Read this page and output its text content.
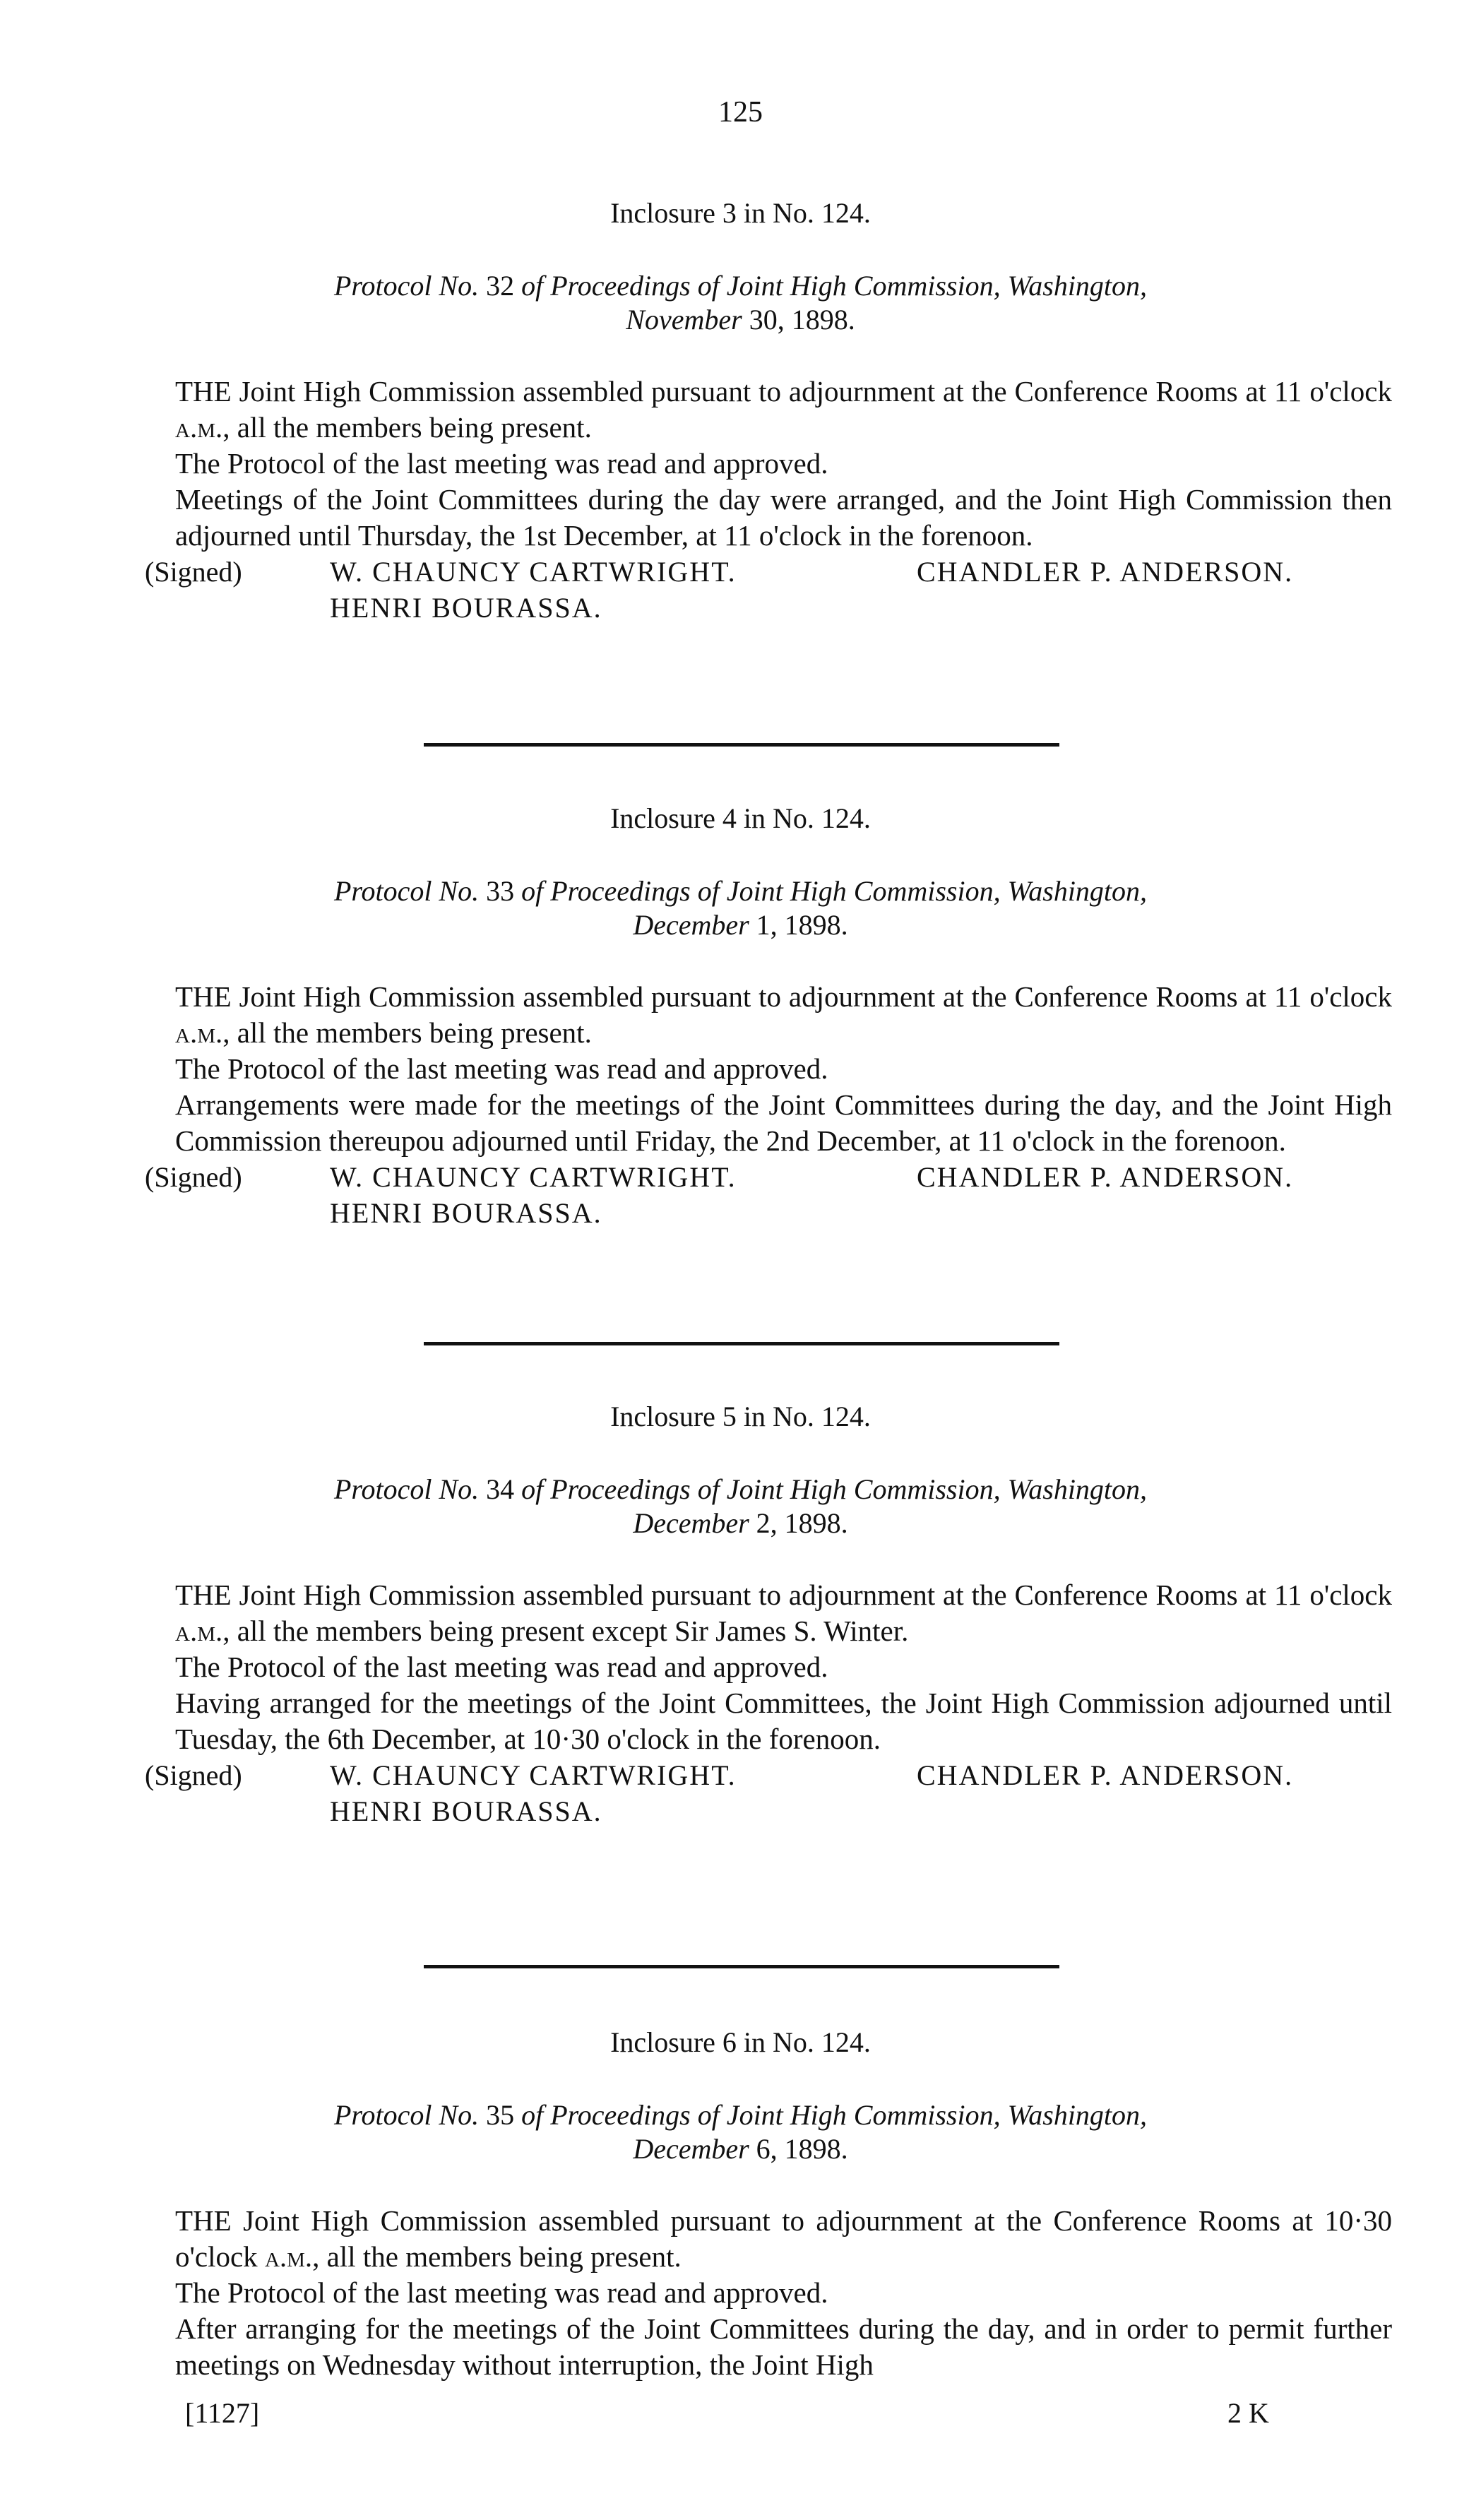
125

Inclosure 3 in No. 124.

Protocol No. 32 of Proceedings of Joint High Commission, Washington,
November 30, 1898.

THE Joint High Commission assembled pursuant to adjournment at the Conference Rooms at 11 o'clock a.m., all the members being present.

The Protocol of the last meeting was read and approved.

Meetings of the Joint Committees during the day were arranged, and the Joint High Commission then adjourned until Thursday, the 1st December, at 11 o'clock in the forenoon.

(Signed)	W. CHAUNCY CARTWRIGHT.	CHANDLER P. ANDERSON.
HENRI BOURASSA.

Inclosure 4 in No. 124.

Protocol No. 33 of Proceedings of Joint High Commission, Washington,
December 1, 1898.

THE Joint High Commission assembled pursuant to adjournment at the Conference Rooms at 11 o'clock a.m., all the members being present.

The Protocol of the last meeting was read and approved.

Arrangements were made for the meetings of the Joint Committees during the day, and the Joint High Commission thereupou adjourned until Friday, the 2nd December, at 11 o'clock in the forenoon.

(Signed)	W. CHAUNCY CARTWRIGHT.	CHANDLER P. ANDERSON.
HENRI BOURASSA.

Inclosure 5 in No. 124.

Protocol No. 34 of Proceedings of Joint High Commission, Washington,
December 2, 1898.

THE Joint High Commission assembled pursuant to adjournment at the Conference Rooms at 11 o'clock a.m., all the members being present except Sir James S. Winter.

The Protocol of the last meeting was read and approved.

Having arranged for the meetings of the Joint Committees, the Joint High Commission adjourned until Tuesday, the 6th December, at 10·30 o'clock in the forenoon.

(Signed)	W. CHAUNCY CARTWRIGHT.	CHANDLER P. ANDERSON.
HENRI BOURASSA.

Inclosure 6 in No. 124.

Protocol No. 35 of Proceedings of Joint High Commission, Washington,
December 6, 1898.

THE Joint High Commission assembled pursuant to adjournment at the Conference Rooms at 10·30 o'clock a.m., all the members being present.

The Protocol of the last meeting was read and approved.

After arranging for the meetings of the Joint Committees during the day, and in order to permit further meetings on Wednesday without interruption, the Joint High

[1127]	2 K
